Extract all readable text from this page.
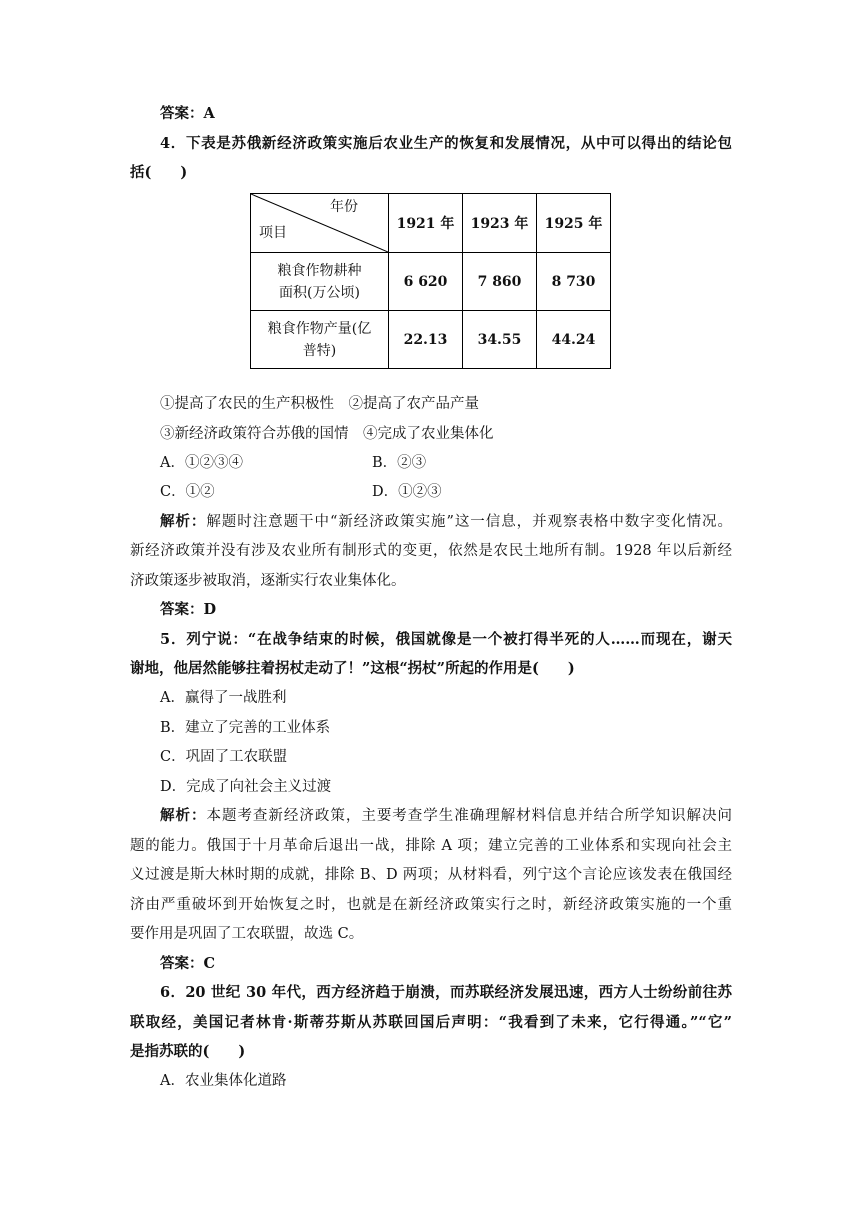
答案：A
4．下表是苏俄新经济政策实施后农业生产的恢复和发展情况，从中可以得出的结论包
括(　　)
年份
项目	1921 年	1923 年	1925 年

粮食作物耕种
面积(万公顷)	6 620	7 860	8 730

粮食作物产量(亿
普特)	22.13	34.55	44.24
①提高了农民的生产积极性　②提高了农产品产量
③新经济政策符合苏俄的国情　④完成了农业集体化
A．①②③④	B．②③
C．①②	D．①②③
解析：解题时注意题干中“新经济政策实施”这一信息，并观察表格中数字变化情况。
新经济政策并没有涉及农业所有制形式的变更，依然是农民土地所有制。1928 年以后新经
济政策逐步被取消，逐渐实行农业集体化。
答案：D
5．列宁说：“在战争结束的时候，俄国就像是一个被打得半死的人……而现在，谢天
谢地，他居然能够拄着拐杖走动了！”这根“拐杖”所起的作用是(　　)
A．赢得了一战胜利
B．建立了完善的工业体系
C．巩固了工农联盟
D．完成了向社会主义过渡
解析：本题考查新经济政策，主要考查学生准确理解材料信息并结合所学知识解决问
题的能力。俄国于十月革命后退出一战，排除 A 项；建立完善的工业体系和实现向社会主
义过渡是斯大林时期的成就，排除 B、D 两项；从材料看，列宁这个言论应该发表在俄国经
济由严重破坏到开始恢复之时，也就是在新经济政策实行之时，新经济政策实施的一个重
要作用是巩固了工农联盟，故选 C。
答案：C
6．20 世纪 30 年代，西方经济趋于崩溃，而苏联经济发展迅速，西方人士纷纷前往苏
联取经，美国记者林肯·斯蒂芬斯从苏联回国后声明：“我看到了未来，它行得通。”“它”
是指苏联的(　　)
A．农业集体化道路
